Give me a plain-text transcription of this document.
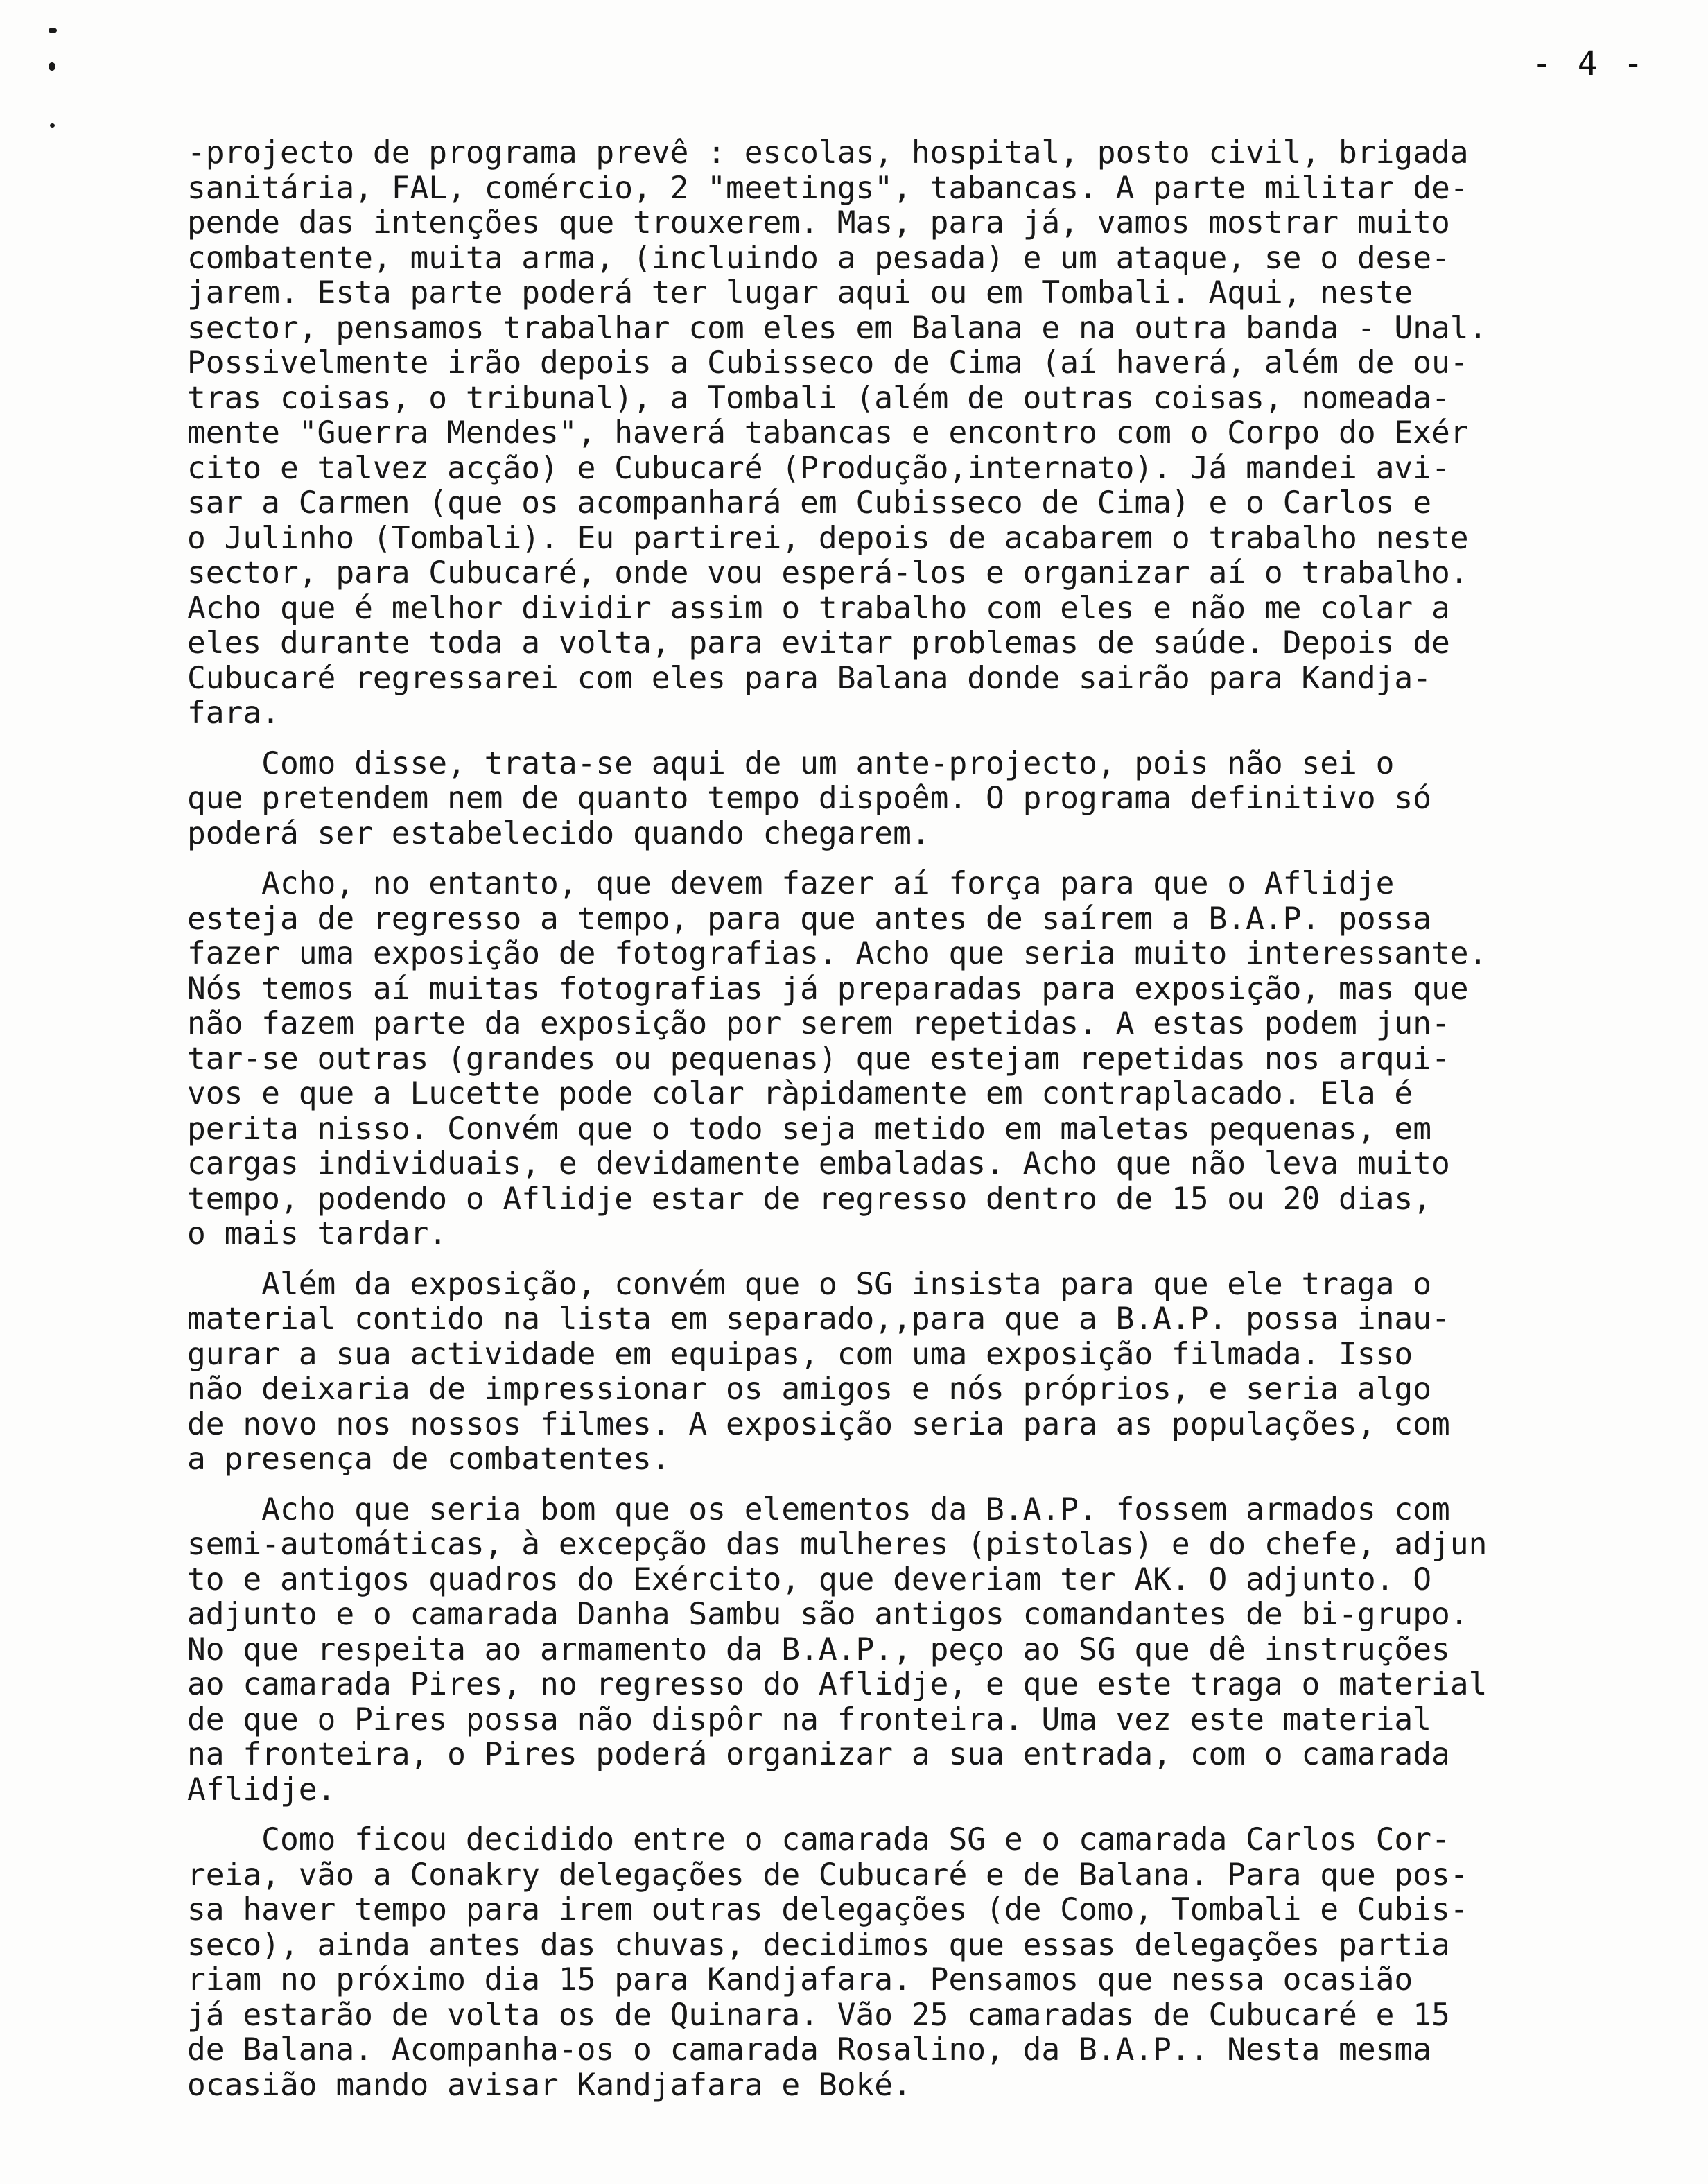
- 4 -
-projecto de programa prevê : escolas, hospital, posto civil, brigada
sanitária, FAL, comércio, 2 "meetings", tabancas. A parte militar de-
pende das intenções que trouxerem. Mas, para já, vamos mostrar muito
combatente, muita arma, (incluindo a pesada) e um ataque, se o dese-
jarem. Esta parte poderá ter lugar aqui ou em Tombali. Aqui, neste
sector, pensamos trabalhar com eles em Balana e na outra banda - Unal.
Possivelmente irão depois a Cubisseco de Cima (aí haverá, além de ou-
tras coisas, o tribunal), a Tombali (além de outras coisas, nomeada-
mente "Guerra Mendes", haverá tabancas e encontro com o Corpo do Exér
cito e talvez acção) e Cubucaré (Produção,internato). Já mandei avi-
sar a Carmen (que os acompanhará em Cubisseco de Cima) e o Carlos e
o Julinho (Tombali). Eu partirei, depois de acabarem o trabalho neste
sector, para Cubucaré, onde vou esperá-los e organizar aí o trabalho.
Acho que é melhor dividir assim o trabalho com eles e não me colar a
eles durante toda a volta, para evitar problemas de saúde. Depois de
Cubucaré regressarei com eles para Balana donde sairão para Kandja-
fara.
Como disse, trata-se aqui de um ante-projecto, pois não sei o
que pretendem nem de quanto tempo dispoêm. O programa definitivo só
poderá ser estabelecido quando chegarem.
Acho, no entanto, que devem fazer aí força para que o Aflidje
esteja de regresso a tempo, para que antes de saírem a B.A.P. possa
fazer uma exposição de fotografias. Acho que seria muito interessante.
Nós temos aí muitas fotografias já preparadas para exposição, mas que
não fazem parte da exposição por serem repetidas. A estas podem jun-
tar-se outras (grandes ou pequenas) que estejam repetidas nos arqui-
vos e que a Lucette pode colar ràpidamente em contraplacado. Ela é
perita nisso. Convém que o todo seja metido em maletas pequenas, em
cargas individuais, e devidamente embaladas. Acho que não leva muito
tempo, podendo o Aflidje estar de regresso dentro de 15 ou 20 dias,
o mais tardar.
Além da exposição, convém que o SG insista para que ele traga o
material contido na lista em separado,,para que a B.A.P. possa inau-
gurar a sua actividade em equipas, com uma exposição filmada. Isso
não deixaria de impressionar os amigos e nós próprios, e seria algo
de novo nos nossos filmes. A exposição seria para as populações, com
a presença de combatentes.
Acho que seria bom que os elementos da B.A.P. fossem armados com
semi-automáticas, à excepção das mulheres (pistolas) e do chefe, adjun
to e antigos quadros do Exército, que deveriam ter AK. O adjunto. O
adjunto e o camarada Danha Sambu são antigos comandantes de bi-grupo.
No que respeita ao armamento da B.A.P., peço ao SG que dê instruções
ao camarada Pires, no regresso do Aflidje, e que este traga o material
de que o Pires possa não dispôr na fronteira. Uma vez este material
na fronteira, o Pires poderá organizar a sua entrada, com o camarada
Aflidje.
Como ficou decidido entre o camarada SG e o camarada Carlos Cor-
reia, vão a Conakry delegações de Cubucaré e de Balana. Para que pos-
sa haver tempo para irem outras delegações (de Como, Tombali e Cubis-
seco), ainda antes das chuvas, decidimos que essas delegações partia
riam no próximo dia 15 para Kandjafara. Pensamos que nessa ocasião
já estarão de volta os de Quinara. Vão 25 camaradas de Cubucaré e 15
de Balana. Acompanha-os o camarada Rosalino, da B.A.P.. Nesta mesma
ocasião mando avisar Kandjafara e Boké.
